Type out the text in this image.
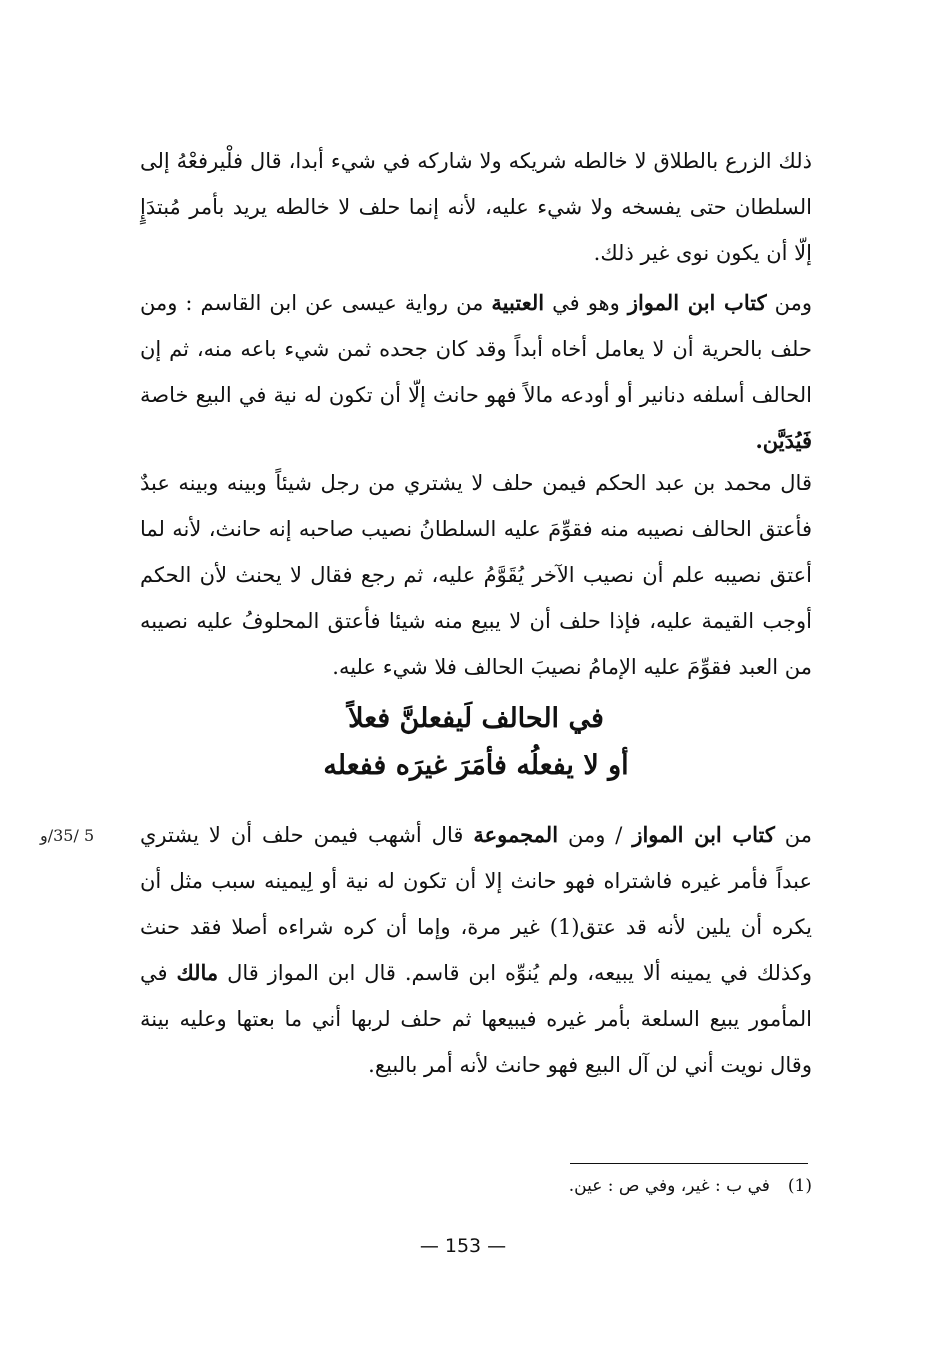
ذلك الزرع بالطلاق لا خالطه شريكه ولا شاركه في شيء أبدا، قال فلْيرفعْهُ إلى السلطان حتى يفسخه ولا شيء عليه، لأنه إنما حلف لا خالطه يريد بأمر مُبتدَإٍ إلّا أن يكون نوى غير ذلك.

ومن كتاب ابن المواز وهو في العتبية من رواية عيسى عن ابن القاسم : ومن حلف بالحرية أن لا يعامل أخاه أبداً وقد كان جحده ثمن شيء باعه منه، ثم إن الحالف أسلفه دنانير أو أودعه مالاً فهو حانث إلّا أن تكون له نية في البيع خاصة فَيُدَيَّن.

قال محمد بن عبد الحكم فيمن حلف لا يشتري من رجل شيئاً وبينه وبينه عبدٌ فأعتق الحالف نصيبه منه فقوِّمَ عليه السلطانُ نصيب صاحبه إنه حانث، لأنه لما أعتق نصيبه علم أن نصيب الآخر يُقَوَّمُ عليه، ثم رجع فقال لا يحنث لأن الحكم أوجب القيمة عليه، فإذا حلف أن لا يبيع منه شيئا فأعتق المحلوفُ عليه نصيبه من العبد فقوِّمَ عليه الإمامُ نصيبَ الحالف فلا شيء عليه.

في الحالف لَيفعلنَّ فعلاً
أو لا يفعلُه فأمَرَ غيرَه ففعله
5 /35/و	من كتاب ابن المواز / ومن المجموعة قال أشهب فيمن حلف أن لا يشتري عبداً فأمر غيره فاشتراه فهو حانث إلا أن تكون له نية أو لِيمينه سبب مثل أن يكره أن يلين لأنه قد عتق(1) غير مرة، وإما أن كره شراءه أصلا فقد حنث وكذلك في يمينه ألا يبيعه، ولم يُنوِّه ابن قاسم. قال ابن المواز قال مالك في المأمور يبيع السلعة بأمر غيره فيبيعها ثم حلف لربها أني ما بعتها وعليه بينة وقال نويت أني لن آل البيع فهو حانث لأنه أمر بالبيع.

(1)في ب : غير، وفي ص : عين.

— 153 —
